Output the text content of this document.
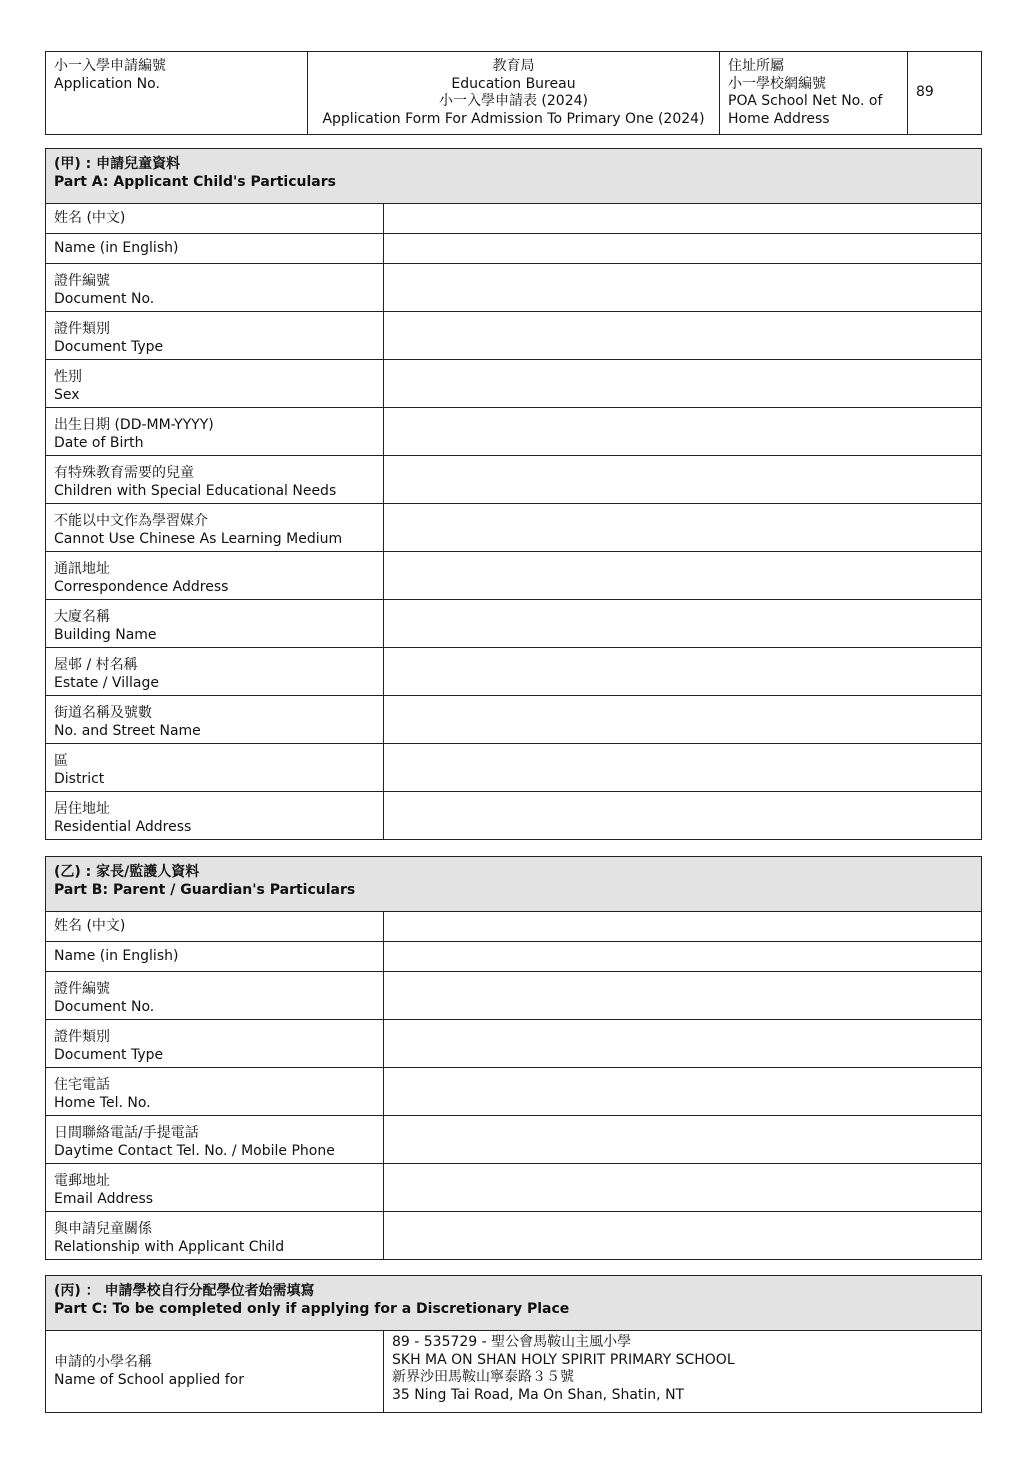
小一入學申請編號
Application No.
教育局
Education Bureau
小一入學申請表 (2024)
Application Form For Admission To Primary One (2024)
住址所屬
小一學校網編號
POA School Net No. of
Home Address
89
(甲) : 申請兒童資料
Part A: Applicant Child's Particulars
姓名 (中文)
Name (in English)
證件編號
Document No.
證件類別
Document Type
性別
Sex
出生日期 (DD-MM-YYYY)
Date of Birth
有特殊教育需要的兒童
Children with Special Educational Needs
不能以中文作為學習媒介
Cannot Use Chinese As Learning Medium
通訊地址
Correspondence Address
大廈名稱
Building Name
屋邨 / 村名稱
Estate / Village
街道名稱及號數
No. and Street Name
區
District
居住地址
Residential Address
(乙) : 家長/監護人資料
Part B: Parent / Guardian's Particulars
姓名 (中文)
Name (in English)
證件編號
Document No.
證件類別
Document Type
住宅電話
Home Tel. No.
日間聯絡電話/手提電話
Daytime Contact Tel. No. / Mobile Phone
電郵地址
Email Address
與申請兒童關係
Relationship with Applicant Child
(丙) ： 申請學校自行分配學位者始需填寫
Part C: To be completed only if applying for a Discretionary Place
申請的小學名稱
Name of School applied for
89 - 535729 - 聖公會馬鞍山主風小學
SKH MA ON SHAN HOLY SPIRIT PRIMARY SCHOOL
新界沙田馬鞍山寧泰路３５號
35 Ning Tai Road, Ma On Shan, Shatin, NT
